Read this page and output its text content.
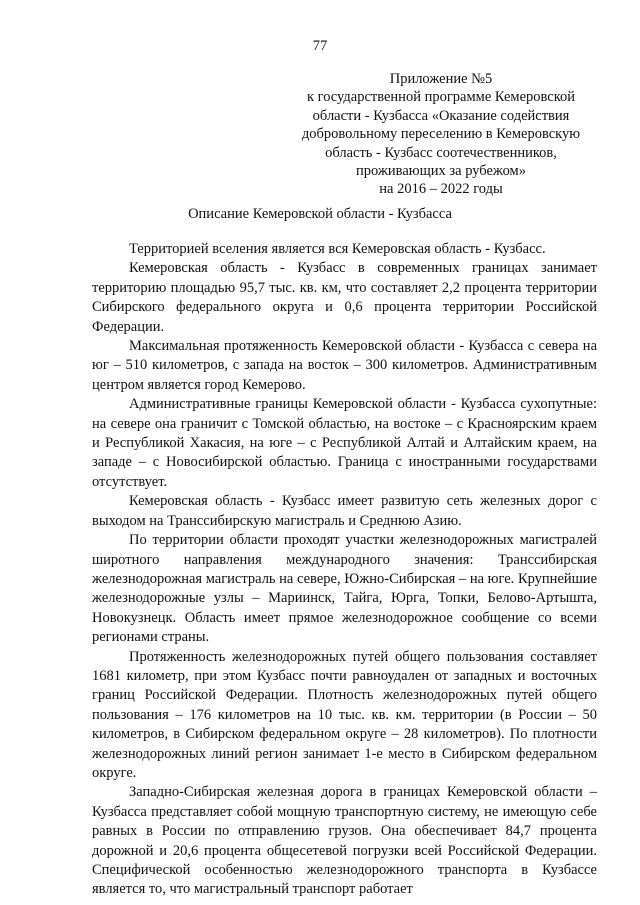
77
Приложение №5
к государственной программе Кемеровской
области - Кузбасса «Оказание содействия
добровольному переселению в Кемеровскую
область - Кузбасс соотечественников,
проживающих за рубежом»
на 2016 – 2022 годы
Описание Кемеровской области - Кузбасса

Территорией вселения является вся Кемеровская область - Кузбасс.

Кемеровская область - Кузбасс в современных границах занимает территорию площадью 95,7 тыс. кв. км, что составляет 2,2 процента территории Сибирского федерального округа и 0,6 процента территории Российской Федерации.

Максимальная протяженность Кемеровской области - Кузбасса с севера на юг – 510 километров, с запада на восток – 300 километров. Административным центром является город Кемерово.

Административные границы Кемеровской области - Кузбасса сухопутные: на севере она граничит с Томской областью, на востоке – с Красноярским краем и Республикой Хакасия, на юге – с Республикой Алтай и Алтайским краем, на западе – с Новосибирской областью. Граница с иностранными государствами отсутствует.

Кемеровская область - Кузбасс имеет развитую сеть железных дорог с выходом на Транссибирскую магистраль и Среднюю Азию.

По территории области проходят участки железнодорожных магистралей широтного направления международного значения: Транссибирская железнодорожная магистраль на севере, Южно-Сибирская – на юге. Крупнейшие железнодорожные узлы – Мариинск, Тайга, Юрга, Топки, Белово-Артышта, Новокузнецк. Область имеет прямое железнодорожное сообщение со всеми регионами страны.

Протяженность железнодорожных путей общего пользования составляет 1681 километр, при этом Кузбасс почти равноудален от западных и восточных границ Российской Федерации. Плотность железнодорожных путей общего пользования – 176 километров на 10 тыс. кв. км. территории (в России – 50 километров, в Сибирском федеральном округе – 28 километров). По плотности железнодорожных линий регион занимает 1-е место в Сибирском федеральном округе.

Западно-Сибирская железная дорога в границах Кемеровской области – Кузбасса представляет собой мощную транспортную систему, не имеющую себе равных в России по отправлению грузов. Она обеспечивает 84,7 процента дорожной и 20,6 процента общесетевой погрузки всей Российской Федерации. Специфической особенностью железнодорожного транспорта в Кузбассе является то, что магистральный транспорт работает
